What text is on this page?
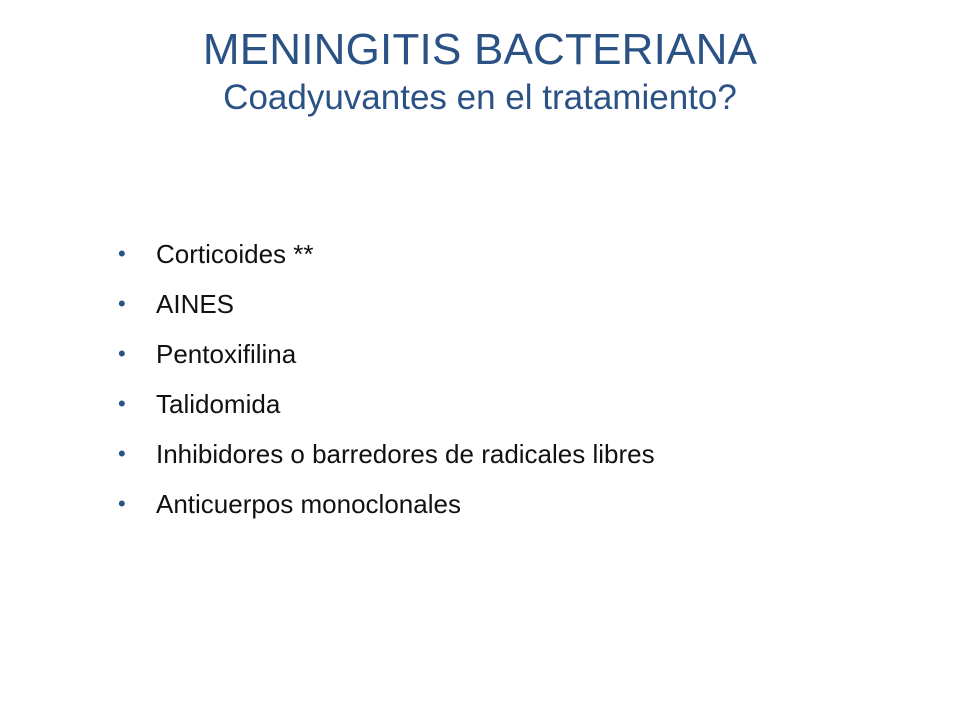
MENINGITIS BACTERIANA
Coadyuvantes en el tratamiento?
• Corticoides **
• AINES
• Pentoxifilina
• Talidomida
• Inhibidores o barredores de radicales libres
• Anticuerpos monoclonales
